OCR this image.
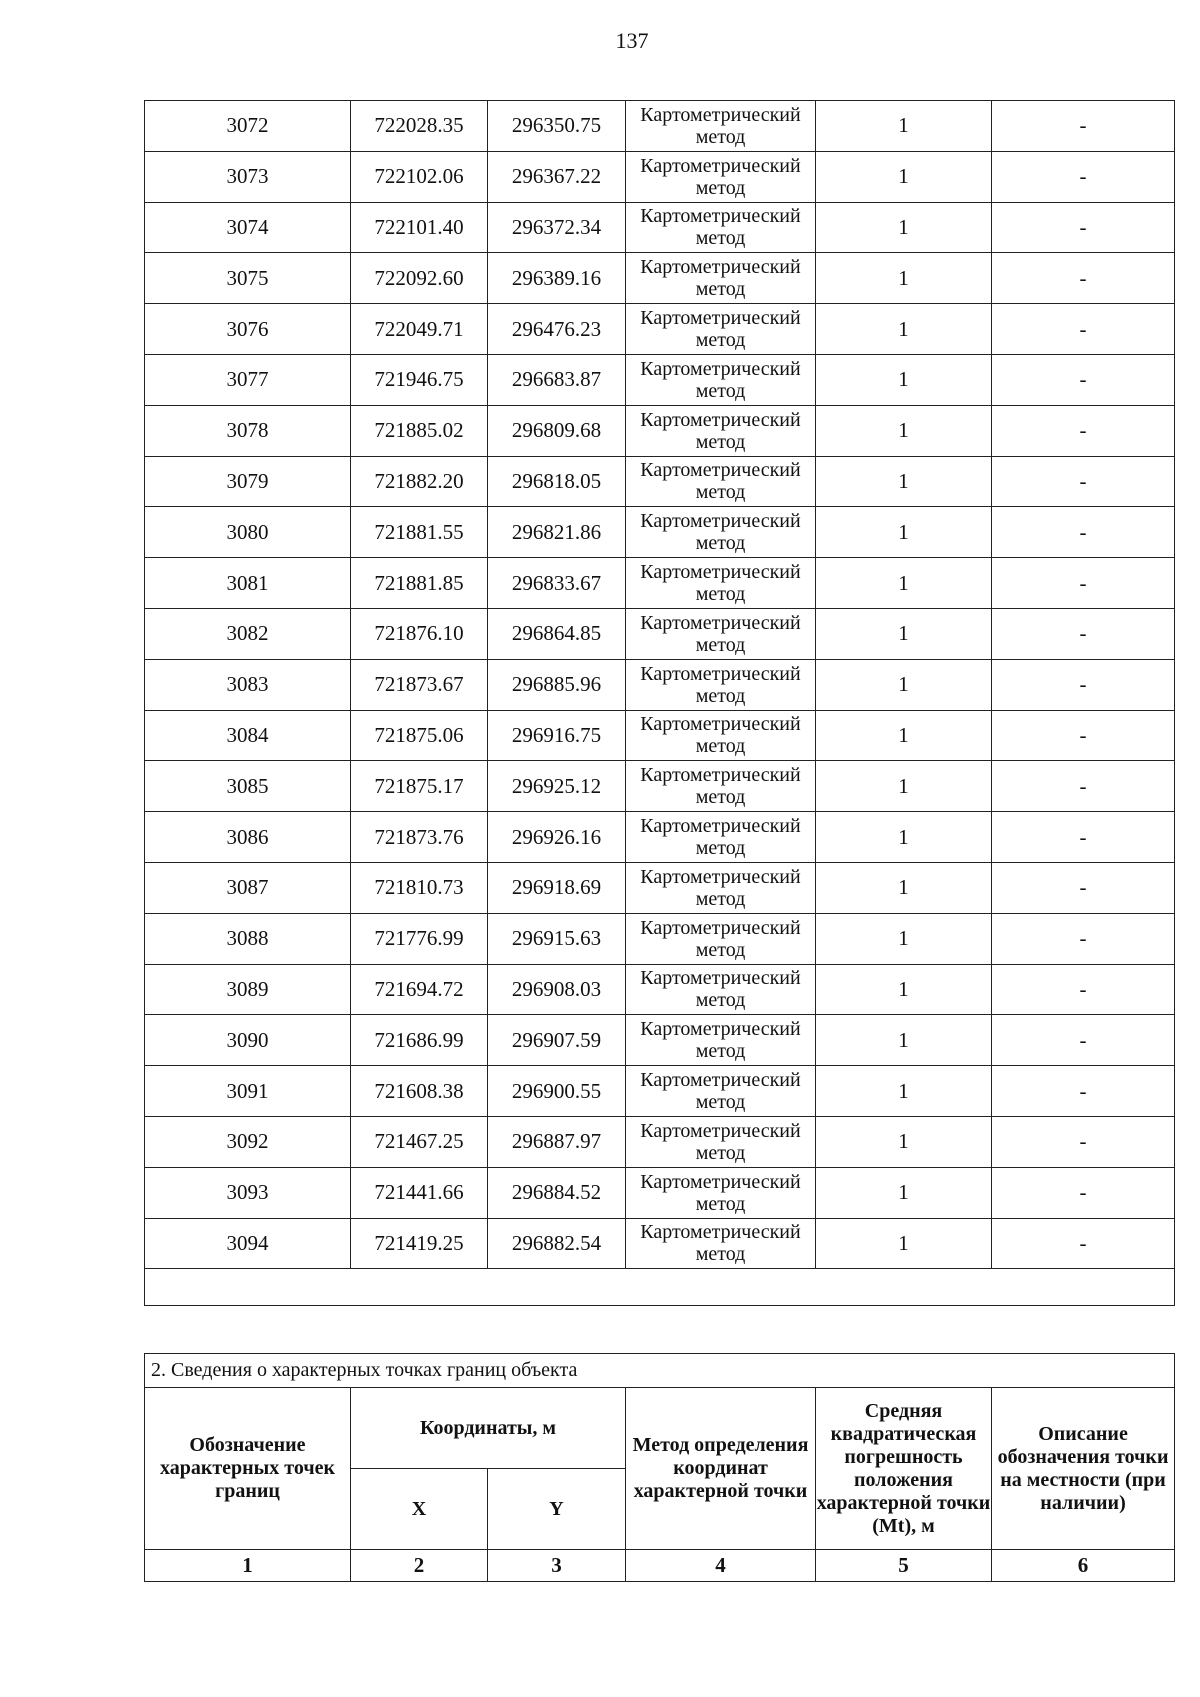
137
3072	722028.35	296350.75	Картометрический метод	1	-
3073	722102.06	296367.22	Картометрический метод	1	-
3074	722101.40	296372.34	Картометрический метод	1	-
3075	722092.60	296389.16	Картометрический метод	1	-
3076	722049.71	296476.23	Картометрический метод	1	-
3077	721946.75	296683.87	Картометрический метод	1	-
3078	721885.02	296809.68	Картометрический метод	1	-
3079	721882.20	296818.05	Картометрический метод	1	-
3080	721881.55	296821.86	Картометрический метод	1	-
3081	721881.85	296833.67	Картометрический метод	1	-
3082	721876.10	296864.85	Картометрический метод	1	-
3083	721873.67	296885.96	Картометрический метод	1	-
3084	721875.06	296916.75	Картометрический метод	1	-
3085	721875.17	296925.12	Картометрический метод	1	-
3086	721873.76	296926.16	Картометрический метод	1	-
3087	721810.73	296918.69	Картометрический метод	1	-
3088	721776.99	296915.63	Картометрический метод	1	-
3089	721694.72	296908.03	Картометрический метод	1	-
3090	721686.99	296907.59	Картометрический метод	1	-
3091	721608.38	296900.55	Картометрический метод	1	-
3092	721467.25	296887.97	Картометрический метод	1	-
3093	721441.66	296884.52	Картометрический метод	1	-
3094	721419.25	296882.54	Картометрический метод	1	-

2. Сведения о характерных точках границ объекта					
Обозначение характерных точек границ	Координаты, м		Метод определения координат характерной точки	Средняя квадратическая погрешность положения характерной точки (Mt), м	Описание обозначения точки на местности (при наличии)
	X	Y			
1	2	3	4	5	6
